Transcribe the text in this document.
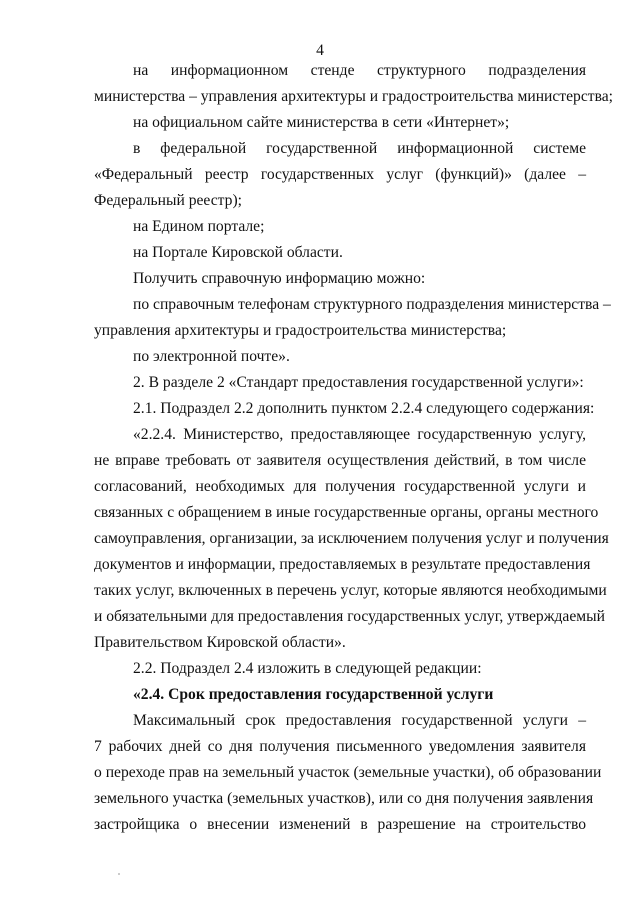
4
на информационном стенде структурного подразделения
министерства – управления архитектуры и градостроительства министерства;
на официальном сайте министерства в сети «Интернет»;
в федеральной государственной информационной системе
«Федеральный реестр государственных услуг (функций)» (далее –
Федеральный реестр);
на Едином портале;
на Портале Кировской области.
Получить справочную информацию можно:
по справочным телефонам структурного подразделения министерства –
управления архитектуры и градостроительства министерства;
по электронной почте».
2. В разделе 2 «Стандарт предоставления государственной услуги»:
2.1. Подраздел 2.2 дополнить пунктом 2.2.4 следующего содержания:
«2.2.4. Министерство, предоставляющее государственную услугу,
не вправе требовать от заявителя осуществления действий, в том числе
согласований, необходимых для получения государственной услуги и
связанных с обращением в иные государственные органы, органы местного
самоуправления, организации, за исключением получения услуг и получения
документов и информации, предоставляемых в результате предоставления
таких услуг, включенных в перечень услуг, которые являются необходимыми
и обязательными для предоставления государственных услуг, утверждаемый
Правительством Кировской области».
2.2. Подраздел 2.4 изложить в следующей редакции:
«2.4. Срок предоставления государственной услуги
Максимальный срок предоставления государственной услуги –
7 рабочих дней со дня получения письменного уведомления заявителя
о переходе прав на земельный участок (земельные участки), об образовании
земельного участка (земельных участков), или со дня получения заявления
застройщика о внесении изменений в разрешение на строительство
